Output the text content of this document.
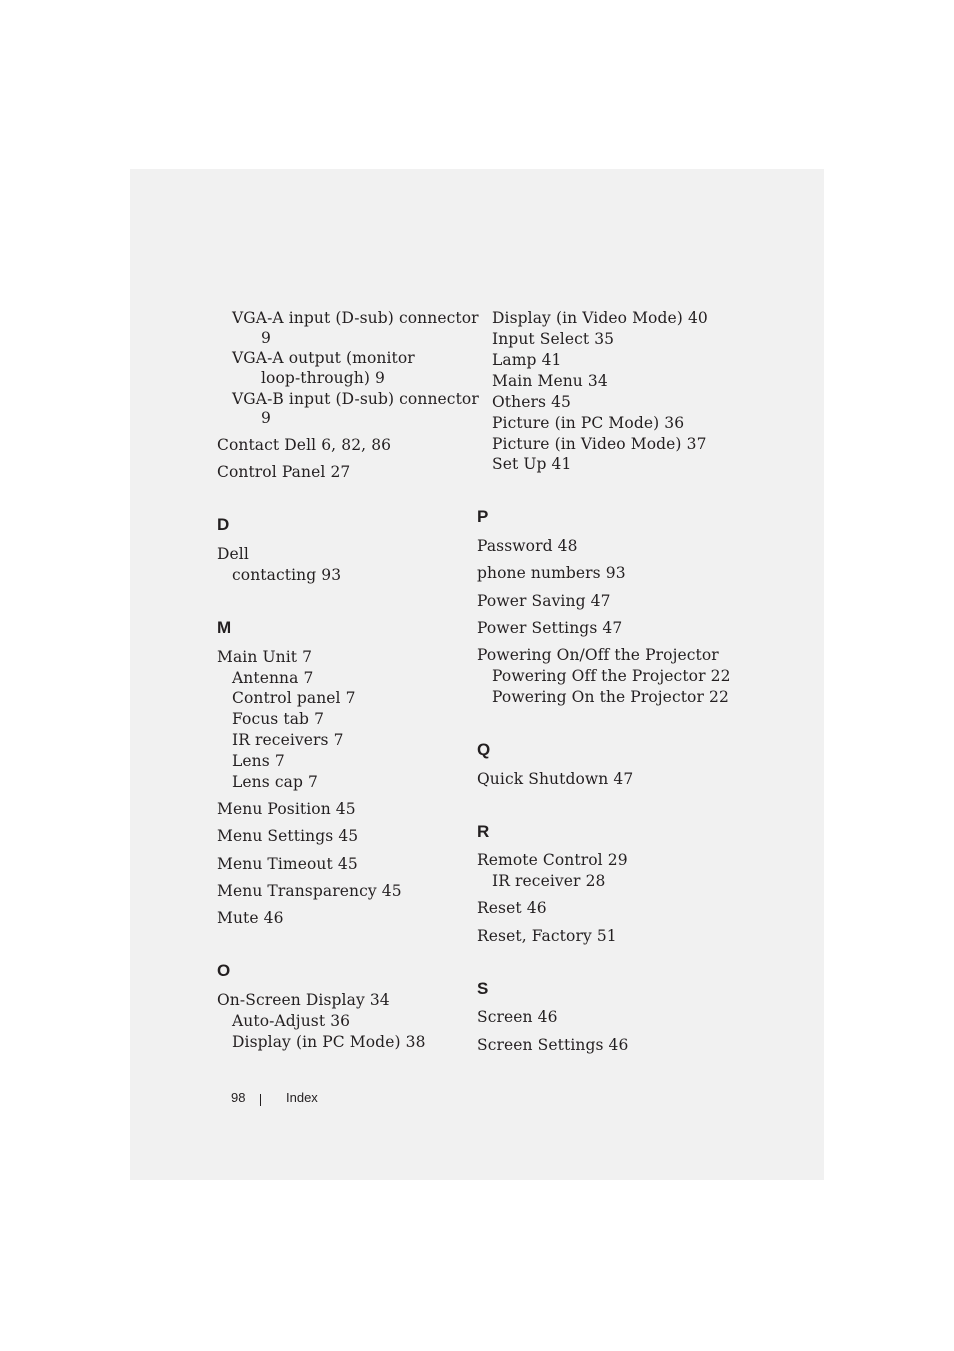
VGA-A input (D-sub) connector
9
VGA-A output (monitor
loop-through) 9
VGA-B input (D-sub) connector
9
Contact Dell 6, 82, 86
Control Panel 27
D
Dell
contacting 93
M
Main Unit 7
Antenna 7
Control panel 7
Focus tab 7
IR receivers 7
Lens 7
Lens cap 7
Menu Position 45
Menu Settings 45
Menu Timeout 45
Menu Transparency 45
Mute 46
O
On-Screen Display 34
Auto-Adjust 36
Display (in PC Mode) 38
Display (in Video Mode) 40
Input Select 35
Lamp 41
Main Menu 34
Others 45
Picture (in PC Mode) 36
Picture (in Video Mode) 37
Set Up 41
P
Password 48
phone numbers 93
Power Saving 47
Power Settings 47
Powering On/Off the Projector
Powering Off the Projector 22
Powering On the Projector 22
Q
Quick Shutdown 47
R
Remote Control 29
IR receiver 28
Reset 46
Reset, Factory 51
S
Screen 46
Screen Settings 46
98	Index
